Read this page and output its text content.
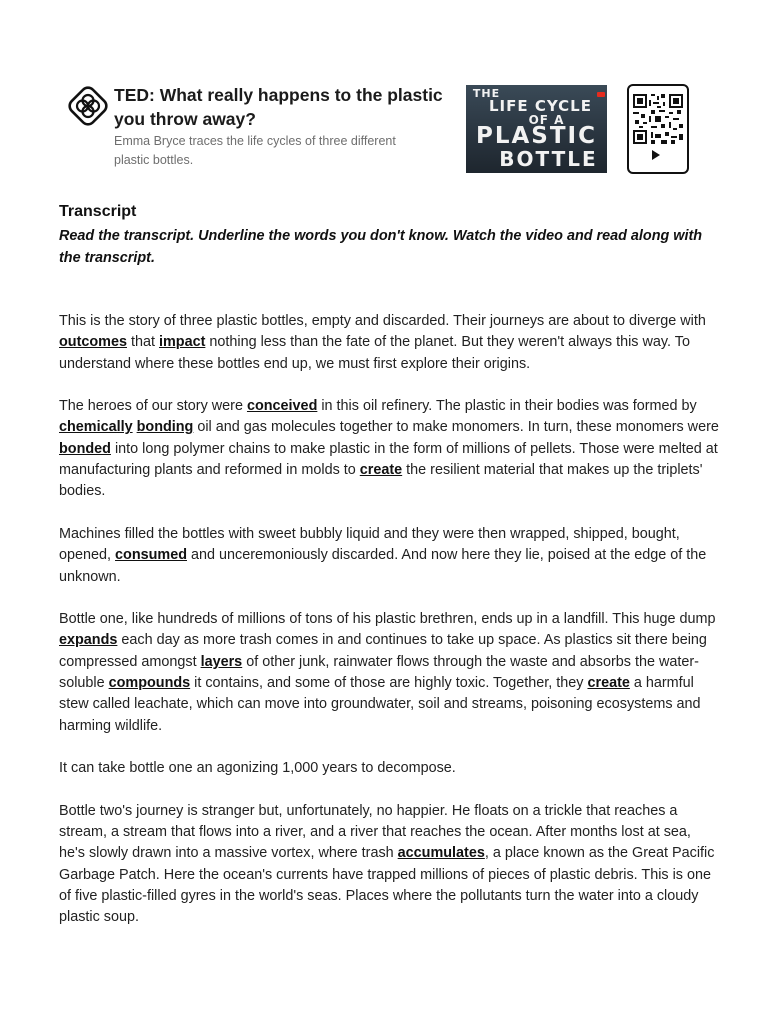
TED: What really happens to the plastic you throw away?
Emma Bryce traces the life cycles of three different plastic bottles.
THE
LIFE CYCLE
OF A
PLASTIC
BOTTLE
Transcript
Read the transcript. Underline the words you don't know. Watch the video and read along with the transcript.

This is the story of three plastic bottles, empty and discarded. Their journeys are about to diverge with outcomes that impact nothing less than the fate of the planet. But they weren't always this way. To understand where these bottles end up, we must first explore their origins.

The heroes of our story were conceived in this oil refinery. The plastic in their bodies was formed by chemically bonding oil and gas molecules together to make monomers. In turn, these monomers were bonded into long polymer chains to make plastic in the form of millions of pellets. Those were melted at manufacturing plants and reformed in molds to create the resilient material that makes up the triplets' bodies.

Machines filled the bottles with sweet bubbly liquid and they were then wrapped, shipped, bought, opened, consumed and unceremoniously discarded. And now here they lie, poised at the edge of the unknown.

Bottle one, like hundreds of millions of tons of his plastic brethren, ends up in a landfill. This huge dump expands each day as more trash comes in and continues to take up space. As plastics sit there being compressed amongst layers of other junk, rainwater flows through the waste and absorbs the water-soluble compounds it contains, and some of those are highly toxic. Together, they create a harmful stew called leachate, which can move into groundwater, soil and streams, poisoning ecosystems and harming wildlife.

It can take bottle one an agonizing 1,000 years to decompose.

Bottle two's journey is stranger but, unfortunately, no happier. He floats on a trickle that reaches a stream, a stream that flows into a river, and a river that reaches the ocean. After months lost at sea, he's slowly drawn into a massive vortex, where trash accumulates, a place known as the Great Pacific Garbage Patch. Here the ocean's currents have trapped millions of pieces of plastic debris. This is one of five plastic-filled gyres in the world's seas. Places where the pollutants turn the water into a cloudy plastic soup.
